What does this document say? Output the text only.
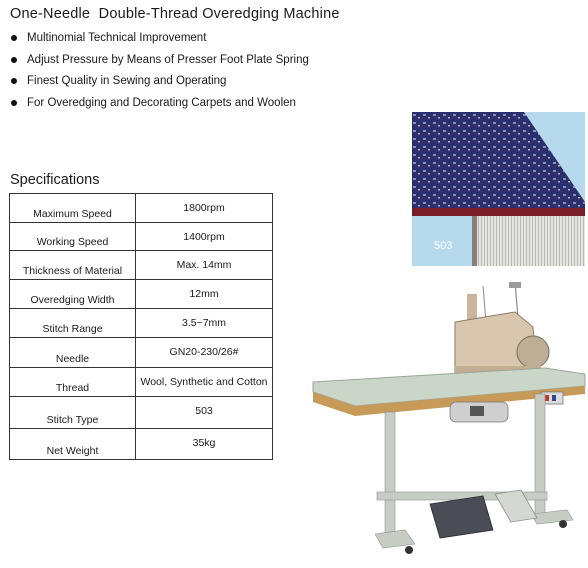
One-Needle  Double-Thread Overedging Machine
Multinomial Technical Improvement
Adjust Pressure by Means of Presser Foot Plate Spring
Finest Quality in Sewing and Operating
For Overedging and Decorating Carpets and Woolen
Specifications
Maximum Speed	1800rpm
Working Speed	1400rpm
Thickness of Material	Max. 14mm
Overedging Width	12mm
Stitch Range	3.5~7mm
Needle	GN20-230/26#
Thread	Wool, Synthetic and Cotton
Stitch Type	503
Net Weight	35kg
503
